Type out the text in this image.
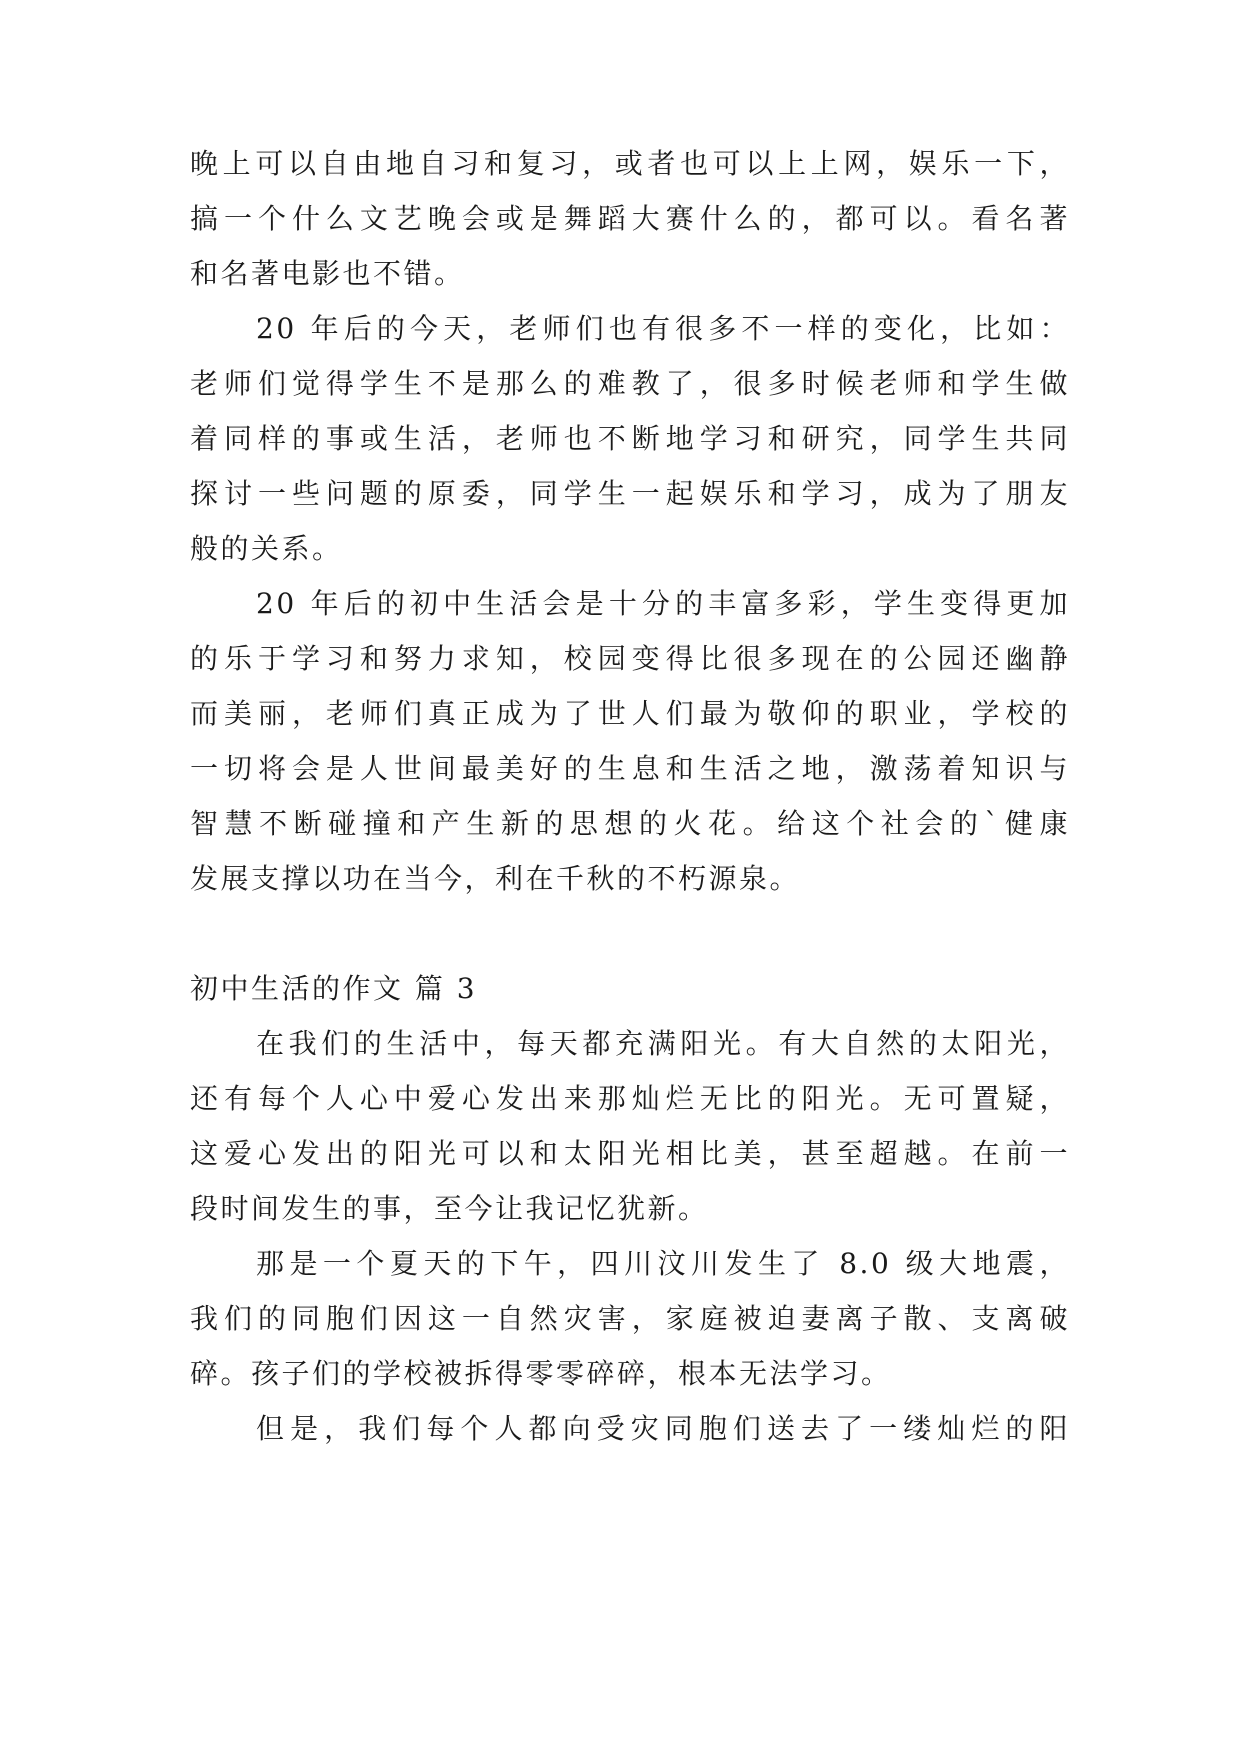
晚上可以自由地自习和复习，或者也可以上上网，娱乐一下，
搞一个什么文艺晚会或是舞蹈大赛什么的，都可以。看名著
和名著电影也不错。
20 年后的今天，老师们也有很多不一样的变化，比如：
老师们觉得学生不是那么的难教了，很多时候老师和学生做
着同样的事或生活，老师也不断地学习和研究，同学生共同
探讨一些问题的原委，同学生一起娱乐和学习，成为了朋友
般的关系。
20 年后的初中生活会是十分的丰富多彩，学生变得更加
的乐于学习和努力求知，校园变得比很多现在的公园还幽静
而美丽，老师们真正成为了世人们最为敬仰的职业，学校的
一切将会是人世间最美好的生息和生活之地，激荡着知识与
智慧不断碰撞和产生新的思想的火花。给这个社会的`健康
发展支撑以功在当今，利在千秋的不朽源泉。
初中生活的作文 篇 3
在我们的生活中，每天都充满阳光。有大自然的太阳光，
还有每个人心中爱心发出来那灿烂无比的阳光。无可置疑，
这爱心发出的阳光可以和太阳光相比美，甚至超越。在前一
段时间发生的事，至今让我记忆犹新。
那是一个夏天的下午，四川汶川发生了 8.0 级大地震，
我们的同胞们因这一自然灾害，家庭被迫妻离子散、支离破
碎。孩子们的学校被拆得零零碎碎，根本无法学习。
但是，我们每个人都向受灾同胞们送去了一缕灿烂的阳
